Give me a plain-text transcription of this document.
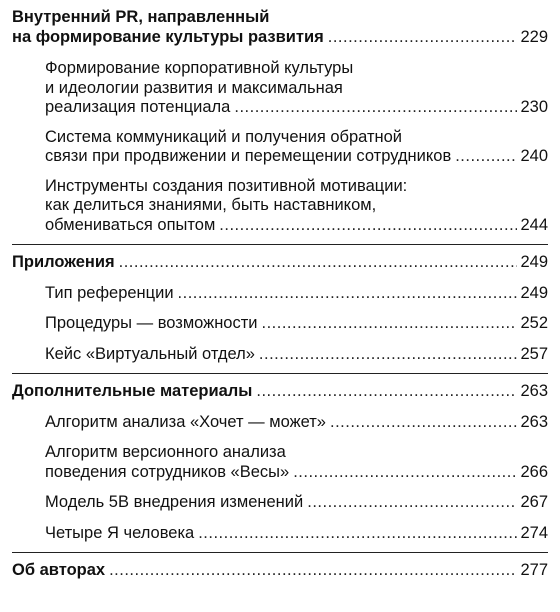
Внутренний PR, направленный
на формирование культуры развития .....	229
Формирование корпоративной культуры
и идеологии развития и максимальная
реализация потенциала .....	230
Система коммуникаций и получения обратной
связи при продвижении и перемещении сотрудников .....	240
Инструменты создания позитивной мотивации:
как делиться знаниями, быть наставником,
обмениваться опытом .....	244
Приложения .....	249
Тип референции .....	249
Процедуры — возможности .....	252
Кейс «Виртуальный отдел» .....	257
Дополнительные материалы .....	263
Алгоритм анализа «Хочет — может» .....	263
Алгоритм версионного анализа
поведения сотрудников «Весы» .....	266
Модель 5B внедрения изменений .....	267
Четыре Я человека .....	274
Об авторах .....	277
